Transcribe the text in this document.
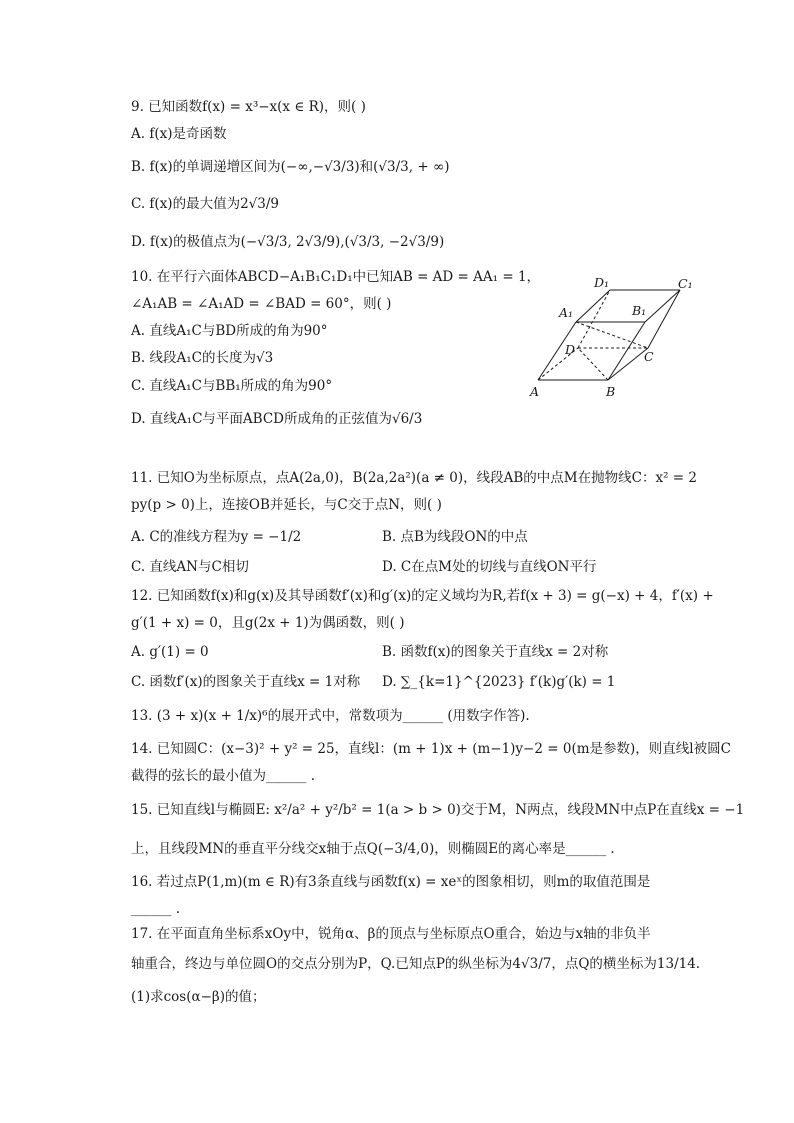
9. 已知函数f(x) = x³−x(x ∈ R)，则( )
A. f(x)是奇函数
B. f(x)的单调递增区间为(−∞,−√3/3)和(√3/3, + ∞)
C. f(x)的最大值为2√3/9
D. f(x)的极值点为(−√3/3, 2√3/9),(√3/3, −2√3/9)
10. 在平行六面体ABCD−A₁B₁C₁D₁中已知AB = AD = AA₁ = 1，
∠A₁AB = ∠A₁AD = ∠BAD = 60°，则( )
A. 直线A₁C与BD所成的角为90°
B. 线段A₁C的长度为√3
C. 直线A₁C与BB₁所成的角为90°
D. 直线A₁C与平面ABCD所成角的正弦值为√6/3
D₁	C₁
A₁	B₁
D	C
A	B
11. 已知O为坐标原点，点A(2a,0)，B(2a,2a²)(a ≠ 0)，线段AB的中点M在抛物线C：x² = 2
py(p > 0)上，连接OB并延长，与C交于点N，则( )
A. C的准线方程为y = −1/2	B. 点B为线段ON的中点
C. 直线AN与C相切	D. C在点M处的切线与直线ON平行
12. 已知函数f(x)和g(x)及其导函数f′(x)和g′(x)的定义域均为R,若f(x + 3) = g(−x) + 4，f′(x) +
g′(1 + x) = 0，且g(2x + 1)为偶函数，则( )
A. g′(1) = 0	B. 函数f(x)的图象关于直线x = 2对称
C. 函数f′(x)的图象关于直线x = 1对称 D. ∑_{k=1}^{2023} f′(k)g′(k) = 1
13. (3 + x)(x + 1/x)⁶的展开式中，常数项为______ (用数字作答).
14. 已知圆C：(x−3)² + y² = 25，直线l：(m + 1)x + (m−1)y−2 = 0(m是参数)，则直线l被圆C
截得的弦长的最小值为______ .
15. 已知直线l与椭圆E: x²/a² + y²/b² = 1(a > b > 0)交于M，N两点，线段MN中点P在直线x = −1
上，且线段MN的垂直平分线交x轴于点Q(−3/4,0)，则椭圆E的离心率是______ .
16. 若过点P(1,m)(m ∈ R)有3条直线与函数f(x) = xeˣ的图象相切，则m的取值范围是
______ .
17. 在平面直角坐标系xOy中，锐角α、β的顶点与坐标原点O重合，始边与x轴的非负半
轴重合，终边与单位圆O的交点分别为P，Q.已知点P的纵坐标为4√3/7，点Q的横坐标为13/14.
(1)求cos(α−β)的值；
